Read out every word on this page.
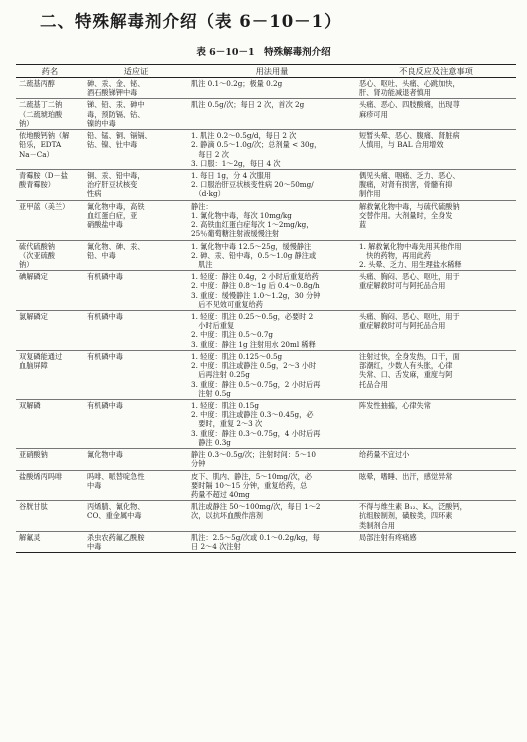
二、特殊解毒剂介绍（表 6－10－1）
表 6－10－1　特殊解毒剂介绍
药名	适应证	用法用量	不良反应及注意事项

二巯基丙醇	砷、汞、金、铋、
酒石酸锑钾中毒	肌注 0.1～0.2g；极量 0.2g	恶心、呕吐、头痛、心跳加快，
肝、肾功能减退者慎用

二巯基丁二钠
（二巯琥珀酸
钠）	锑、铅、汞、砷中
毒，预防镉、钴、
镍的中毒	肌注 0.5g/次；每日 2 次，首次 2g	头痛、恶心、四肢酸痛，出现荨
麻疹可用

依地酸钙钠（解
铅乐，EDTA
Na－Ca）	铅、锰、铜、镉镉、
钴、镍、钍中毒	1. 肌注 0.2～0.5g/d，每日 2 次
2. 静滴 0.5～1.0g/次；总剂量 < 30g，
　每日 2 次
3. 口服：1～2g，每日 4 次	短暂头晕、恶心、腹痛、肾脏病
人慎用，与 BAL 合用增效

青霉胺（D－盐
酸青霉胺）	铜、汞、铅中毒，
治疗肝豆状核变
性病	1. 每日 1g，分 4 次服用
2. 口服治肝豆状核变性病 20～50mg/
　（d·kg）	偶见头痛、咽痛、乏力、恶心、
腹痛，对肾有损害，骨髓有抑
制作用

亚甲蓝（美兰）	氰化物中毒，高铁
血红蛋白症，亚
硝酸盐中毒	静注：
1. 氰化物中毒，每次 10mg/kg
2. 高铁血红蛋白症每次 1～2mg/kg，
25％葡萄糖注射液缓慢注射	解救氰化物中毒，与硫代硫酸钠
交替作用。大剂量时，全身发
蓝

硫代硫酸钠
（次亚硫酸
钠）	氰化物、砷、汞、
铅、中毒	1. 氰化物中毒 12.5～25g，缓慢静注
2. 砷、汞、铅中毒，0.5～1.0g 静注或
　肌注	1. 解救氰化物中毒先用其他作用
　快的药物，再用此药
2. 头晕、乏力、用生理盐水稀释

碘解磷定	有机磷中毒	1. 轻度：静注 0.4g，2 小时后重复给药
2. 中度：静注 0.8～1g 后 0.4～0.8g/h
3. 重度：缓慢静注 1.0～1.2g，30 分钟
　后不见效可重复给药	头痛、胸闷、恶心、呕吐，用于
重症解救时可与阿托品合用

氯解磷定	有机磷中毒	1. 轻度：肌注 0.25～0.5g，必要时 2
　小时后重复
2. 中度：肌注 0.5～0.7g
3. 重度：静注 1g 注射用水 20ml 稀释	头痛、胸闷、恶心、呕吐，用于
重症解救时可与阿托品合用

双复磷能通过
血脑屏障	有机磷中毒	1. 轻度：肌注 0.125～0.5g
2. 中度：肌注或静注 0.5g，2～3 小时
　后再注射 0.25g
3. 重度：静注 0.5～0.75g，2 小时后再
　注射 0.5g	注射过快，全身发热，口干，面
部潮红，少数人有头胀，心律
失常、口、舌发麻，重度与阿
托品合用

双解磷	有机磷中毒	1. 轻度：肌注 0.15g
2. 中度：肌注或静注 0.3～0.45g，必
　要时，重复 2～3 次
3. 重度：静注 0.3～0.75g，4 小时后再
　静注 0.3g	阵发性抽搐，心律失常

亚硝酸钠	氰化物中毒	静注 0.3～0.5g/次；注射时间：5～10
分钟	给药量不宜过小

盐酸烯丙吗啡	吗啡、哌替啶急性
中毒	皮下、肌内、静注，5～10mg/次，必
要时隔 10～15 分钟，重复给药，总
药量不超过 40mg	眩晕，嗜睡、出汗，感觉异常

谷胱甘肽	丙烯腈、氰化物、
CO、重金属中毒	肌注或静注 50～100mg/次，每日 1～2
次，以抗坏血酸作溶剂	不得与维生素 B₁₂、K₃，泛酸钙，
抗组胺制剂，磺胺类，四环素
类制剂合用

解氟灵	杀虫农药氟乙酰胺
中毒	肌注：2.5～5g/次或 0.1～0.2g/kg，每
日 2～4 次注射	局部注射有疼痛感
